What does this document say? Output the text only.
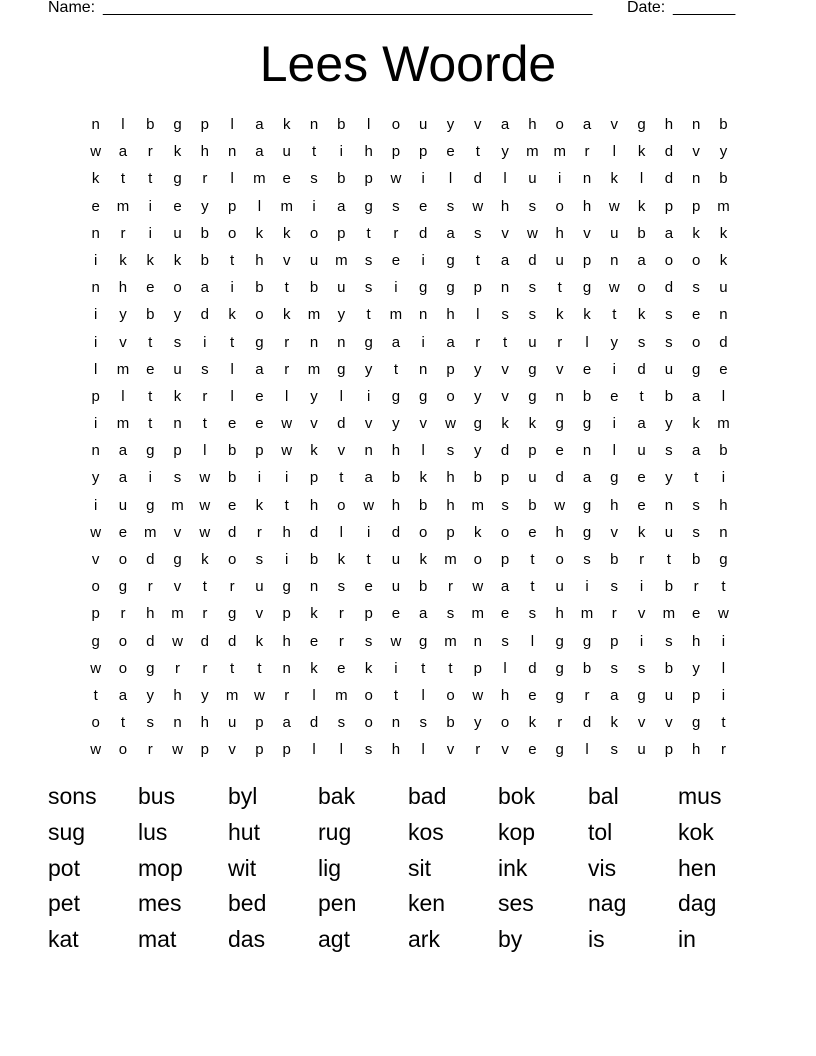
Name: _______________________________________________________ Date: _______
Lees Woorde
n	l	b	g	p	l	a	k	n	b	l	o	u	y	v	a	h	o	a	v	g	h	n	b
w	a	r	k	h	n	a	u	t	i	h	p	p	e	t	y	m m	r	l	k	d	v	y
k	t	t	g	r	l	m	e	s	b	p	w	i	l	d	l	u	i	n	k	l	d	n	b
e	m	i	e	y	p	l	m	i	a	g	s	e	s	w	h	s	o	h	w	k	p	p	m
n	r	i	u	b	o	k	k	o	p	t	r	d	a	s	v	w	h	v	u	b	a	k	k
i	k	k	k	b	t	h	v	u	m	s	e	i	g	t	a	d	u	p	n	a	o	o	k
n	h	e	o	a	i	b	t	b	u	s	i	g	g	p	n	s	t	g	w	o	d	s	u
i	y	b	y	d	k	o	k	m	y	t	m	n	h	l	s	s	k	k	t	k	s	e	n
i	v	t	s	i	t	g	r	n	n	g	a	i	a	r	t	u	r	l	y	s	s	o	d
l	m	e	u	s	l	a	r	m	g	y	t	n	p	y	v	g	v	e	i	d	u	g	e
p	l	t	k	r	l	e	l	y	l	i	g	g	o	y	v	g	n	b	e	t	b	a	l
i	m	t	n	t	e	e	w	v	d	v	y	v	w	g	k	k	g	g	i	a	y	k	m
n	a	g	p	l	b	p	w	k	v	n	h	l	s	y	d	p	e	n	l	u	s	a	b
y	a	i	s	w	b	i	i	p	t	a	b	k	h	b	p	u	d	a	g	e	y	t	i
i	u	g	m	w	e	k	t	h	o	w	h	b	h	m	s	b	w	g	h	e	n	s	h
w	e	m	v	w	d	r	h	d	l	i	d	o	p	k	o	e	h	g	v	k	u	s	n
v	o	d	g	k	o	s	i	b	k	t	u	k	m	o	p	t	o	s	b	r	t	b	g
o	g	r	v	t	r	u	g	n	s	e	u	b	r	w	a	t	u	i	s	i	b	r	t
p	r	h	m	r	g	v	p	k	r	p	e	a	s	m	e	s	h	m	r	v	m	e	w
g	o	d	w	d	d	k	h	e	r	s	w	g	m	n	s	l	g	g	p	i	s	h	i
w	o	g	r	r	t	t	n	k	e	k	i	t	t	p	l	d	g	b	s	s	b	y	l
t	a	y	h	y	m	w	r	l	m	o	t	l	o	w	h	e	g	r	a	g	u	p	i
o	t	s	n	h	u	p	a	d	s	o	n	s	b	y	o	k	r	d	k	v	v	g	t
w	o	r	w	p	v	p	p	l	l	s	h	l	v	r	v	e	g	l	s	u	p	h	r
sons	bus	byl	bak	bad	bok	bal	mus
sug	lus	hut	rug	kos	kop	tol	kok
pot	mop	wit	lig	sit	ink	vis	hen
pet	mes	bed	pen	ken	ses	nag	dag
kat	mat	das	agt	ark	by	is	in
